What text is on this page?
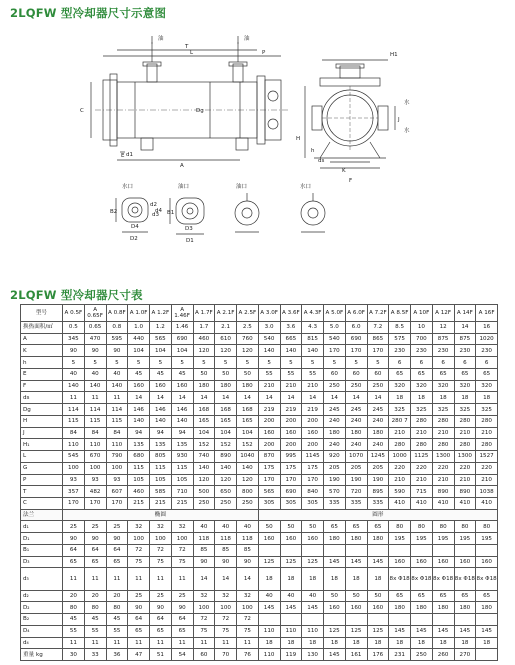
2LQFW 型冷却器尺寸示意图
油	油
T
L	P
A
E
C	Dg
d1
H1
H
J
K
ds
F
h
水
水
水口	油口	油口	水口
d2
d3
d4 B1
B2
D1
D2
D3
D4
2LQFW 型冷却器尺寸表
型号	A 0.5F	A 0.65F	A 0.8F	A 1.0F	A 1.2F	A 1.46F	A 1.7F	A 2.1F	A 2.5F	A 3.0F	A 3.6F	A 4.3F	A 5.0F	A 6.0F	A 7.2F	A 8.5F	A 10F	A 12F	A 14F	A 16F
换热面积/㎡	0.5	0.65	0.8	1.0	1.2	1.46	1.7	2.1	2.5	3.0	3.6	4.3	5.0	6.0	7.2	8.5	10	12	14	16
A	345	470	595	440	565	690	460	610	760	540	665	815	540	690	865	575	700	875	875	1020
K	90	90	90	104	104	104	120	120	120	140	140	140	170	170	170	230	230	230	230	230
h	5	5	5	5	5	5	5	5	5	5	5	5	5	5	5	6	6	6	6	6
E	40	40	40	45	45	45	50	50	50	55	55	55	60	60	60	65	65	65	65	65
F	140	140	140	160	160	160	180	180	180	210	210	210	250	250	250	320	320	320	320	320
ds	11	11	11	14	14	14	14	14	14	14	14	14	14	14	14	18	18	18	18	18
Dg	114	114	114	146	146	146	168	168	168	219	219	219	245	245	245	325	325	325	325	325
H	115	115	115	140	140	140	165	165	165	200	200	200	240	240	240	280 7	280	280	280	280
J	84	84	84	94	94	94	104	104	104	160	160	160	180	180	180	210	210	210	210	210
H₁	110	110	110	135	135	135	152	152	152	200	200	200	240	240	240	280	280	280	280	280
L	545	670	790	680	805	930	740	890	1040	870	995	1145	920	1070	1245	1000	1125	1300	1300	1527
G	100	100	100	115	115	115	140	140	140	175	175	175	205	205	205	220	220	220	220	220
P	93	93	93	105	105	105	120	120	120	170	170	170	190	190	190	210	210	210	210	210
T	357	482	607	460	585	710	500	650	800	565	690	840	570	720	895	590	715	890	890	1038
C	170	170	170	215	215	215	250	250	250	305	305	305	335	335	335	410	410	410	410	410
法兰	椭圆									圆形										
d₁	25	25	25	32	32	32	40	40	40	50	50	50	65	65	65	80	80	80	80	80
D₁	90	90	90	100	100	100	118	118	118	160	160	160	180	180	180	195	195	195	195	195
B₁	64	64	64	72	72	72	85	85	85											
D₃	65	65	65	75	75	75	90	90	90	125	125	125	145	145	145	160	160	160	160	160
d₃	11	11	11	11	11	11	14	14	14	18	18	18	18	18	18	8x Φ18	8x Φ18	8x Φ18	8x Φ18	8x Φ18
d₂	20	20	20	25	25	25	32	32	32	40	40	40	50	50	50	65	65	65	65	65
D₂	80	80	80	90	90	90	100	100	100	145	145	145	160	160	160	180	180	180	180	180
B₂	45	45	45	64	64	64	72	72	72											
D₄	55	55	55	65	65	65	75	75	75	110	110	110	125	125	125	145	145	145	145	145
d₄	11	11	11	11	11	11	11	11	11	18	18	18	18	18	18	18	18	18	18	18
重量 kg	30	33	36	47	51	54	60	70	76	110	119	130	145	161	176	231	250	260	270	
